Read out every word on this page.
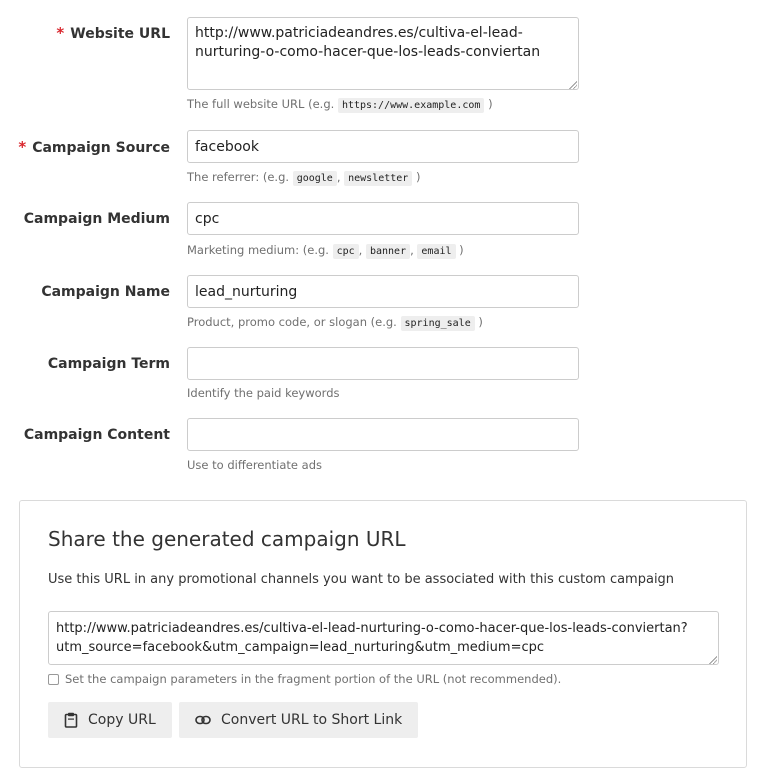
* Website URL
http://www.patriciadeandres.es/cultiva-el-lead-nurturing-o-como-hacer-que-los-leads-conviertan
The full website URL (e.g. https://www.example.com )
* Campaign Source
facebook
The referrer: (e.g. google , newsletter )
Campaign Medium
cpc
Marketing medium: (e.g. cpc , banner , email )
Campaign Name
lead_nurturing
Product, promo code, or slogan (e.g. spring_sale )
Campaign Term
Identify the paid keywords
Campaign Content
Use to differentiate ads
Share the generated campaign URL

Use this URL in any promotional channels you want to be associated with this custom campaign

http://www.patriciadeandres.es/cultiva-el-lead-nurturing-o-como-hacer-que-los-leads-conviertan?utm_source=facebook&utm_campaign=lead_nurturing&utm_medium=cpc
Set the campaign parameters in the fragment portion of the URL (not recommended).
Copy URL	Convert URL to Short Link
